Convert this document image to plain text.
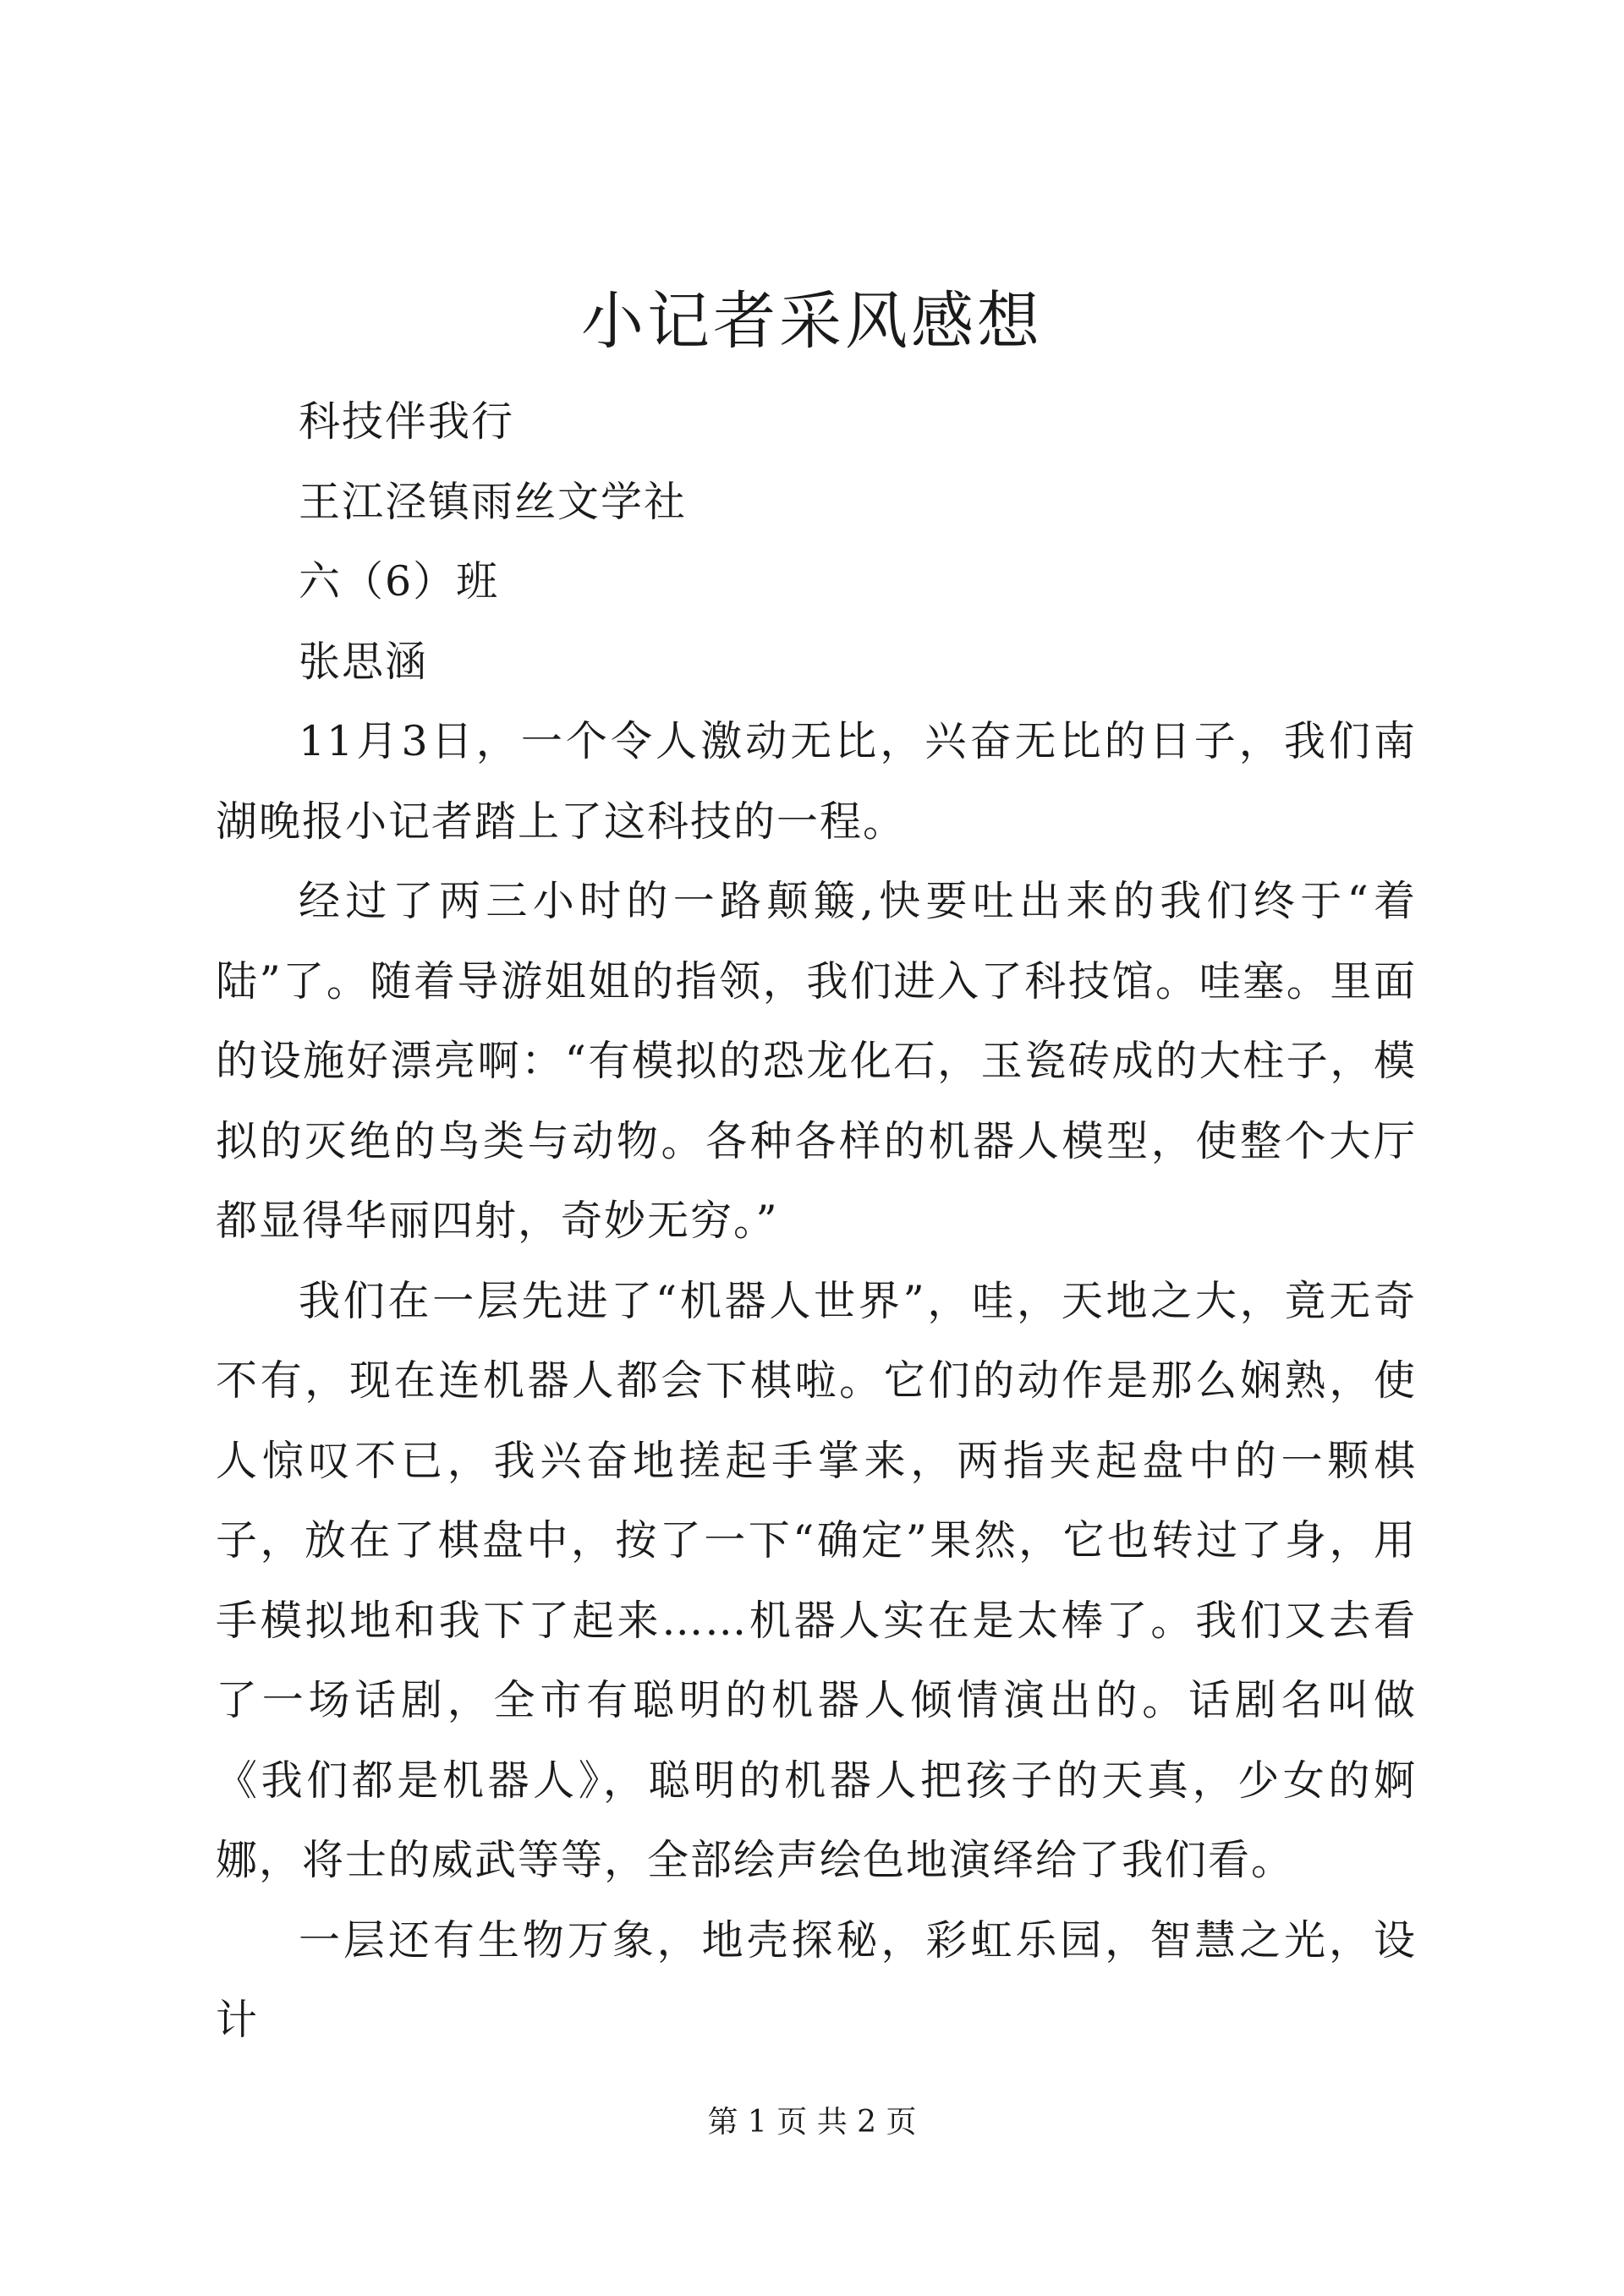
小记者采风感想

科技伴我行

王江泾镇雨丝文学社

六（6）班

张思涵

11月3日，一个令人激动无比，兴奋无比的日子，我们南湖晚报小记者踏上了这科技的一程。

经过了两三小时的一路颠簸,快要吐出来的我们终于“着陆”了。随着导游姐姐的指领，我们进入了科技馆。哇塞。里面的设施好漂亮啊：“有模拟的恐龙化石，玉瓷砖成的大柱子，模拟的灭绝的鸟类与动物。各种各样的机器人模型，使整个大厅都显得华丽四射，奇妙无穷。”

我们在一层先进了“机器人世界”，哇，天地之大，竟无奇不有，现在连机器人都会下棋啦。它们的动作是那么娴熟，使人惊叹不已，我兴奋地搓起手掌来，两指夹起盘中的一颗棋子，放在了棋盘中，按了一下“确定”果然，它也转过了身，用手模拟地和我下了起来……机器人实在是太棒了。我们又去看了一场话剧，全市有聪明的机器人倾情演出的。话剧名叫做《我们都是机器人》，聪明的机器人把孩子的天真，少女的婀娜，将士的威武等等，全部绘声绘色地演绎给了我们看。

一层还有生物万象，地壳探秘，彩虹乐园，智慧之光，设计

第 1 页 共 2 页
